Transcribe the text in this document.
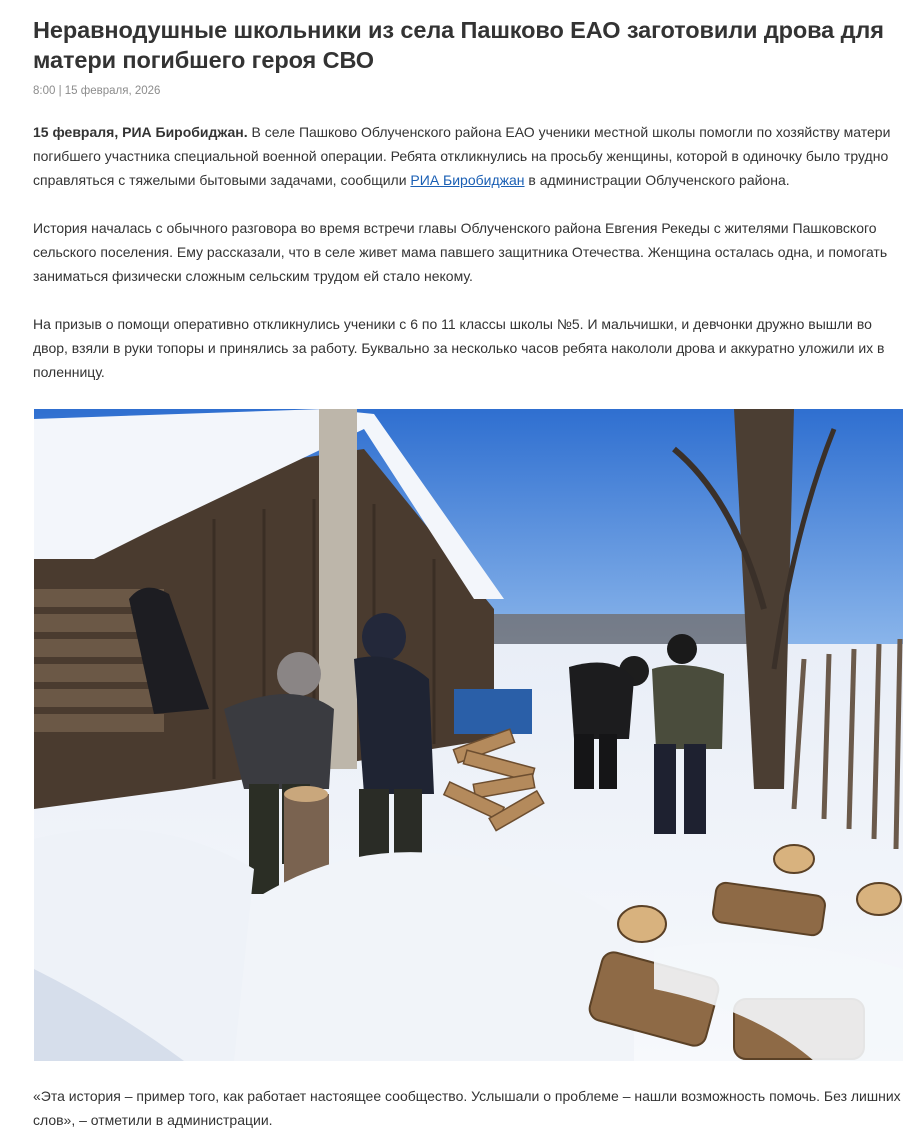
Неравнодушные школьники из села Пашково ЕАО заготовили дрова для матери погибшего героя СВО
8:00 | 15 февраля, 2026

15 февраля, РИА Биробиджан. В селе Пашково Облученского района ЕАО ученики местной школы помогли по хозяйству матери погибшего участника специальной военной операции. Ребята откликнулись на просьбу женщины, которой в одиночку было трудно справляться с тяжелыми бытовыми задачами, сообщили РИА Биробиджан в администрации Облученского района.

История началась с обычного разговора во время встречи главы Облученского района Евгения Рекеды с жителями Пашковского сельского поселения. Ему рассказали, что в селе живет мама павшего защитника Отечества. Женщина осталась одна, и помогать заниматься физически сложным сельским трудом ей стало некому.

На призыв о помощи оперативно откликнулись ученики с 6 по 11 классы школы №5. И мальчишки, и девчонки дружно вышли во двор, взяли в руки топоры и принялись за работу. Буквально за несколько часов ребята накололи дрова и аккуратно уложили их в поленницу.

«Эта история – пример того, как работает настоящее сообщество. Услышали о проблеме – нашли возможность помочь. Без лишних слов», – отметили в администрации.
